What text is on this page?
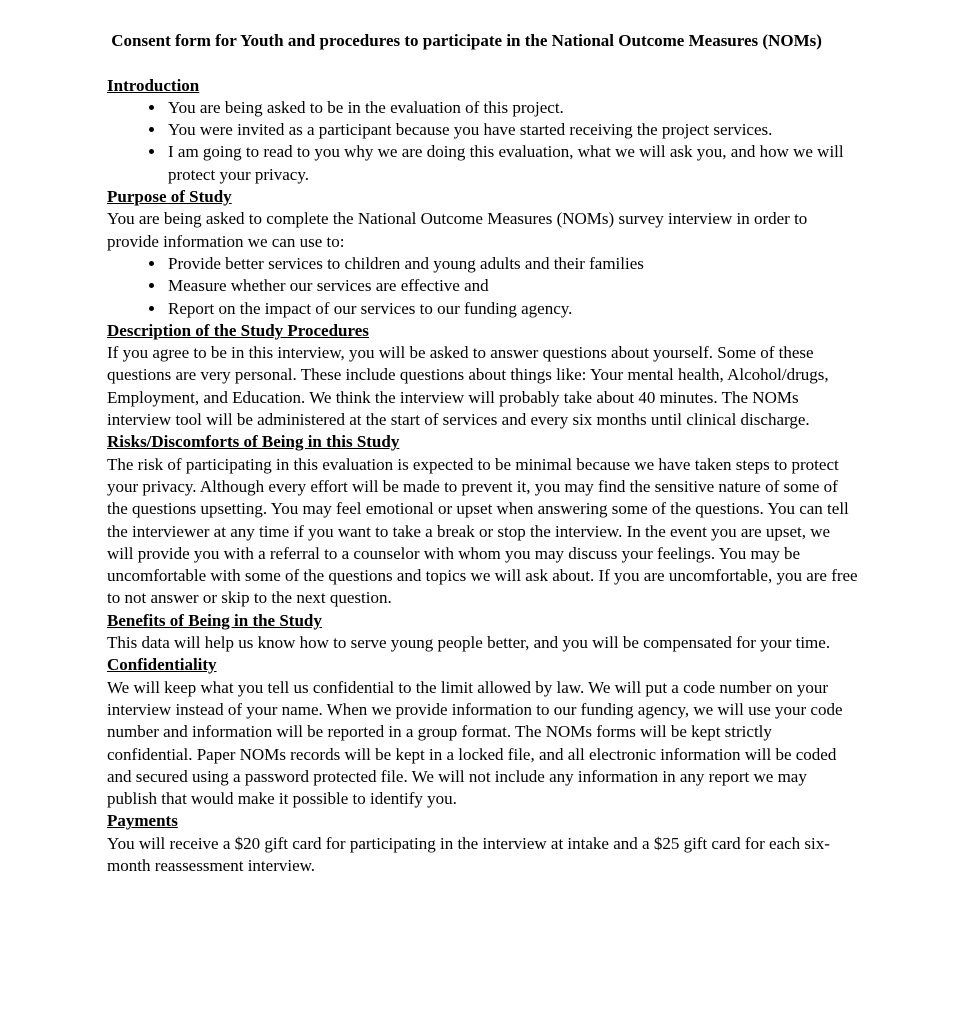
Consent form for Youth and procedures to participate in the National Outcome Measures (NOMs)

Introduction
• You are being asked to be in the evaluation of this project.
• You were invited as a participant because you have started receiving the project services.
• I am going to read to you why we are doing this evaluation, what we will ask you, and how we will protect your privacy.
Purpose of Study

You are being asked to complete the National Outcome Measures (NOMs) survey interview in order to provide information we can use to:

• Provide better services to children and young adults and their families
• Measure whether our services are effective and
• Report on the impact of our services to our funding agency.
Description of the Study Procedures

If you agree to be in this interview, you will be asked to answer questions about yourself. Some of these questions are very personal. These include questions about things like: Your mental health, Alcohol/drugs, Employment, and Education. We think the interview will probably take about 40 minutes. The NOMs interview tool will be administered at the start of services and every six months until clinical discharge.

Risks/Discomforts of Being in this Study

The risk of participating in this evaluation is expected to be minimal because we have taken steps to protect your privacy. Although every effort will be made to prevent it, you may find the sensitive nature of some of the questions upsetting. You may feel emotional or upset when answering some of the questions. You can tell the interviewer at any time if you want to take a break or stop the interview. In the event you are upset, we will provide you with a referral to a counselor with whom you may discuss your feelings. You may be uncomfortable with some of the questions and topics we will ask about. If you are uncomfortable, you are free to not answer or skip to the next question.

Benefits of Being in the Study

This data will help us know how to serve young people better, and you will be compensated for your time.

Confidentiality

We will keep what you tell us confidential to the limit allowed by law. We will put a code number on your interview instead of your name. When we provide information to our funding agency, we will use your code number and information will be reported in a group format. The NOMs forms will be kept strictly confidential. Paper NOMs records will be kept in a locked file, and all electronic information will be coded and secured using a password protected file. We will not include any information in any report we may publish that would make it possible to identify you.

Payments

You will receive a $20 gift card for participating in the interview at intake and a $25 gift card for each six-month reassessment interview.
